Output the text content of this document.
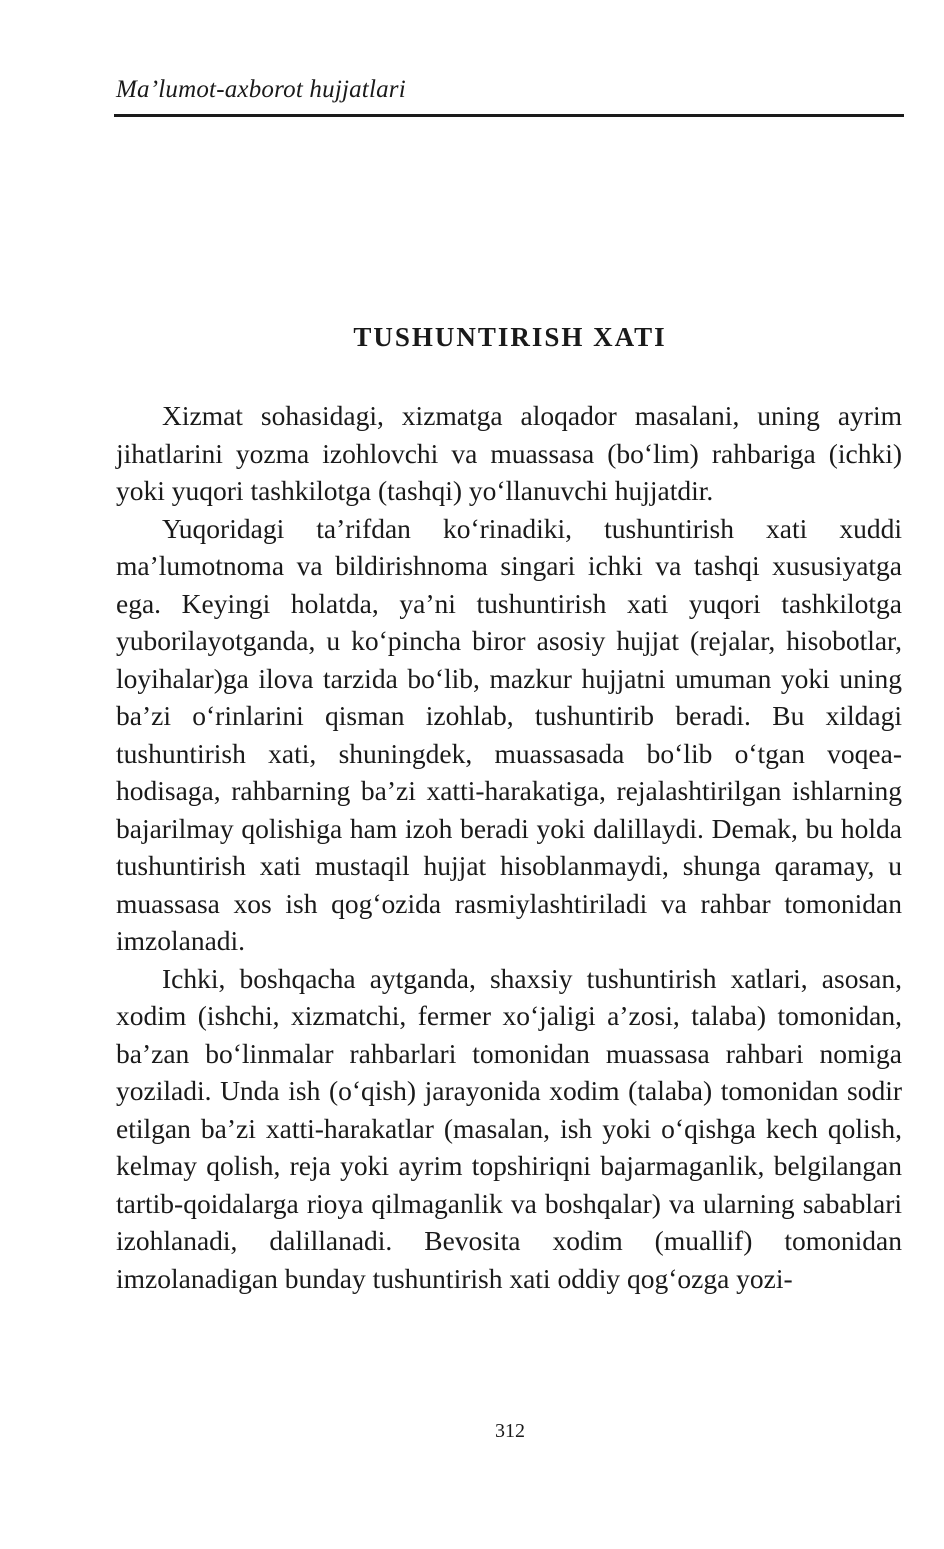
Ma’lumot-axborot hujjatlari
TUSHUNTIRISH XATI

Xizmat sohasidagi, xizmatga aloqador masalani, uning ayrim jihatlarini yozma izohlovchi va muassasa (bo‘lim) rahbariga (ichki) yoki yuqori tashkilotga (tashqi) yo‘llanuvchi hujjatdir.

Yuqoridagi ta’rifdan ko‘rinadiki, tushuntirish xati xuddi ma’lumotnoma va bildirishnoma singari ichki va tashqi xususiyatga ega. Keyingi holatda, ya’ni tushuntirish xati yuqori tashkilotga yuborilayotganda, u ko‘pincha biror asosiy hujjat (rejalar, hisobotlar, loyihalar)ga ilova tarzida bo‘lib, mazkur hujjatni umuman yoki uning ba’zi o‘rinlarini qisman izohlab, tushuntirib beradi. Bu xildagi tushuntirish xati, shuningdek, muassasada bo‘lib o‘tgan voqea-hodisaga, rahbarning ba’zi xatti-harakatiga, rejalashtirilgan ishlarning bajarilmay qolishiga ham izoh beradi yoki dalillaydi. Demak, bu holda tushuntirish xati mustaqil hujjat hisoblanmaydi, shunga qaramay, u muassasa xos ish qog‘ozida rasmiylashtiriladi va rahbar tomonidan imzolanadi.

Ichki, boshqacha aytganda, shaxsiy tushuntirish xatlari, asosan, xodim (ishchi, xizmatchi, fermer xo‘jaligi a’zosi, talaba) tomonidan, ba’zan bo‘linmalar rahbarlari tomonidan muassasa rahbari nomiga yoziladi. Unda ish (o‘qish) jarayonida xodim (talaba) tomonidan sodir etilgan ba’zi xatti-harakatlar (masalan, ish yoki o‘qishga kech qolish, kelmay qolish, reja yoki ayrim topshiriqni bajarmaganlik, belgilangan tartib-qoidalarga rioya qilmaganlik va boshqalar) va ularning sabablari izohlanadi, dalillanadi. Bevosita xodim (muallif) tomonidan imzolanadigan bunday tushuntirish xati oddiy qog‘ozga yozi-

312
